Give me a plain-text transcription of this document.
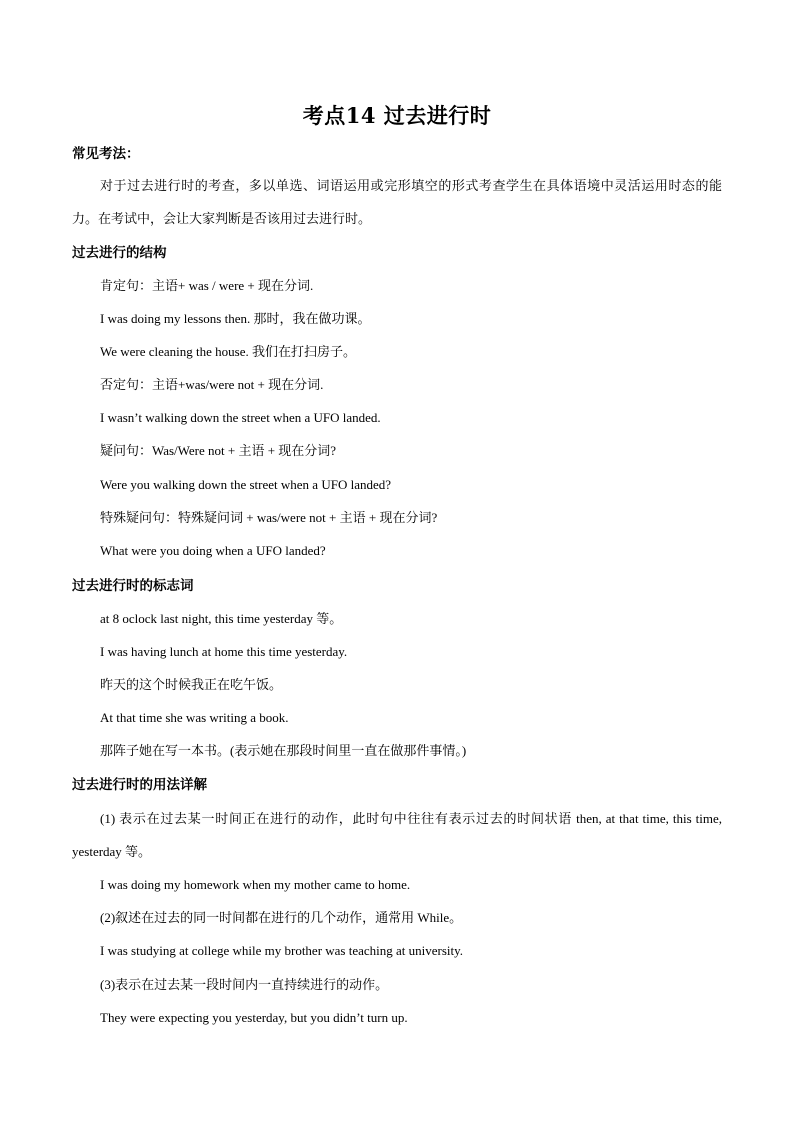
考点14 过去进行时
常见考法：
对于过去进行时的考查，多以单选、词语运用或完形填空的形式考查学生在具体语境中灵活运用时态的能力。在考试中，会让大家判断是否该用过去进行时。
过去进行的结构
肯定句：主语+ was / were + 现在分词.
I was doing my lessons then. 那时，我在做功课。
We were cleaning the house. 我们在打扫房子。
否定句：主语+was/were not + 现在分词.
I wasn’t walking down the street when a UFO landed.
疑问句：Was/Were not + 主语 + 现在分词?
Were you walking down the street when a UFO landed?
特殊疑问句：特殊疑问词 + was/were not + 主语 + 现在分词?
What were you doing when a UFO landed?
过去进行时的标志词
at 8 oclock last night, this time yesterday 等。
I was having lunch at home this time yesterday.
昨天的这个时候我正在吃午饭。
At that time she was writing a book.
那阵子她在写一本书。(表示她在那段时间里一直在做那件事情。)
过去进行时的用法详解
(1) 表示在过去某一时间正在进行的动作，此时句中往往有表示过去的时间状语 then, at that time, this time, yesterday 等。
I was doing my homework when my mother came to home.
(2)叙述在过去的同一时间都在进行的几个动作，通常用 While。
I was studying at college while my brother was teaching at university.
(3)表示在过去某一段时间内一直持续进行的动作。
They were expecting you yesterday, but you didn’t turn up.
